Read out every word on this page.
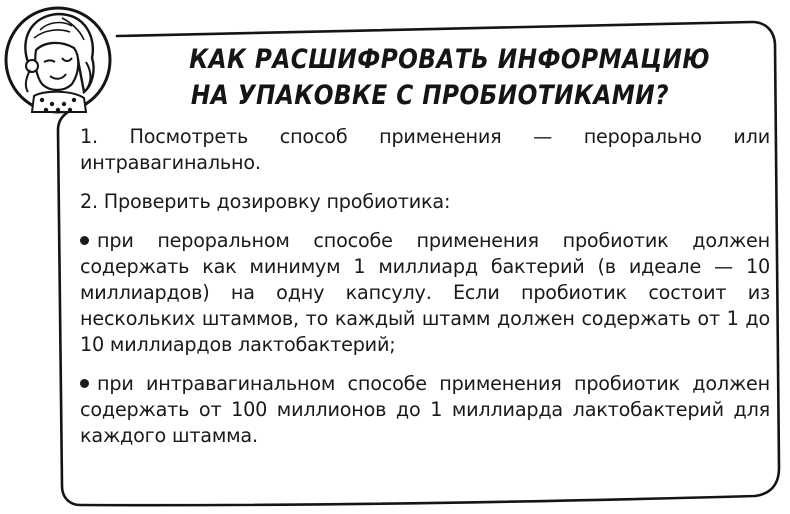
КАК РАСШИФРОВАТЬ ИНФОРМАЦИЮ
НА УПАКОВКЕ С ПРОБИОТИКАМИ?

1. Посмотреть способ применения — перорально или интравагинально.

2. Проверить дозировку пробиотика:

при пероральном способе применения пробиотик должен содержать как минимум 1 миллиард бактерий (в идеале — 10 миллиардов) на одну капсулу. Если пробиотик состоит из нескольких штаммов, то каждый штамм должен содержать от 1 до 10 миллиардов лактобактерий;

при интравагинальном способе применения пробиотик должен содержать от 100 миллионов до 1 миллиарда лактобактерий для каждого штамма.
